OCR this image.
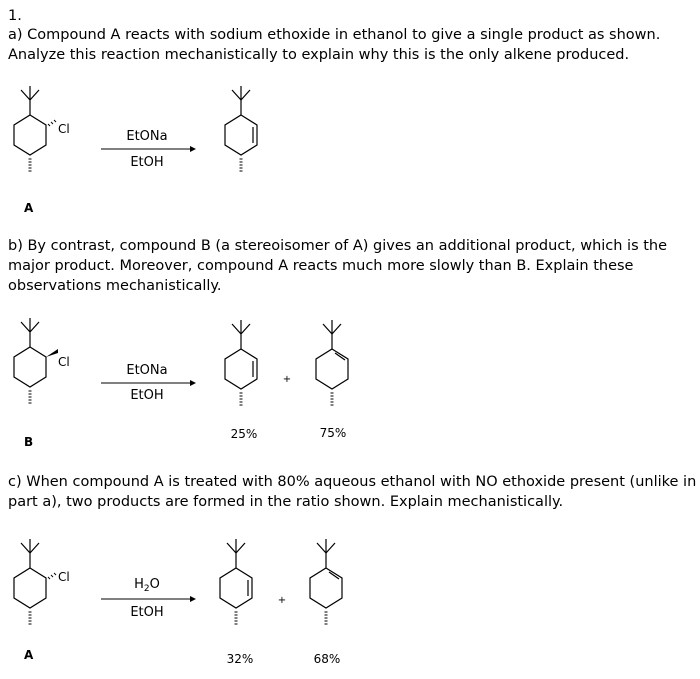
1.
a) Compound A reacts with sodium ethoxide in ethanol to give a single product as shown.
Analyze this reaction mechanistically to explain why this is the only alkene produced.
b) By contrast, compound B (a stereoisomer of A) gives an additional product, which is the
major product. Moreover, compound A reacts much more slowly than B. Explain these
observations mechanistically.
c) When compound A is treated with 80% aqueous ethanol with NO ethoxide present (unlike in
part a), two products are formed in the ratio shown. Explain mechanistically.
Cl
A
EtONa
EtOH
Cl
B
EtONa
EtOH
+
25%	75%
Cl
A
$H_2O$
EtOH
+
32%	68%
